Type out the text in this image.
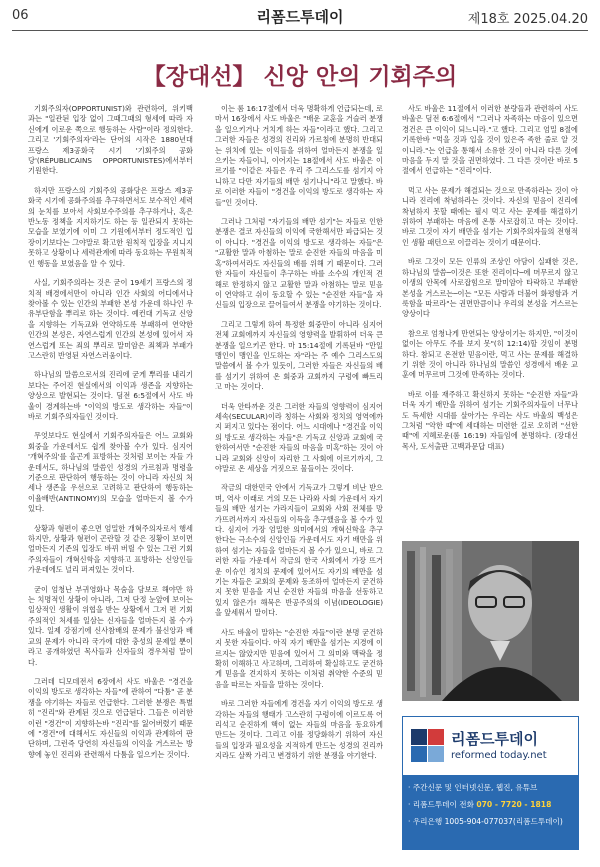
06	리폼드투데이	제18호 2025.04.20
【장대선】 신앙 안의 기회주의

기회주의자(OPPORTUNIST)와 관련하여, 위키백과는 "일관된 입장 없이 그때그때의 형세에 따라 자신에게 이로운 쪽으로 행동하는 사람"이라 정의한다. 그리고 '기회주의자'라는 단어의 시작은 1880년대 프랑스 제3공화국 시기 '기회주의 공화당'(RÉPUBLICAINS OPPORTUNISTES)에서부터 기원한다.

하지만 프랑스의 기회주의 공화당은 프랑스 제3공화국 시기에 공화주의를 추구하면서도 보수적인 세력의 눈치를 보아서 사회보수주의를 추구하거나, 혹은 반노동 정책을 지지하기도 하는 등 일관되지 못하는 모습을 보였기에 이미 그 기원에서부터 정도적인 입장이기보다는 그야말로 확고한 원칙적 입장을 지니지 못하고 상황이나 세력관계에 따라 동요하는 무원칙적인 행동을 보였음을 알 수 있다.

사실, 기회주의라는 것은 굳이 19세기 프랑스의 정치적 배경에서만이 아니라 인간 사회의 어디에서나 찾아볼 수 있는 인간의 부패한 본성 가운데 하나인 우유부단함을 뿌리로 하는 것이다. 예컨대 기독교 신앙을 지향하는 기독교와 연약하도록 부패하여 연약한 인간의 본성은, 자연스럽게 인간의 본성에 있어서 자연스럽게 또는 죄의 뿌리로 말미암은 죄책과 부패가 고스란히 반영된 자연스러움이다.

하나님의 말씀으로서의 진리에 굳게 뿌리를 내리기보다는 주어진 현실에서의 이익과 생존을 지향하는 양상으로 발현되는 것이다. 딤전 6:5절에서 사도 바울이 경계하는바 "이익의 방도로 생각하는 자들"이 바로 기회주의자들인 것이다.

무엇보다도 현실에서 기회주의자들은 어느 교회와 회중을 가운데서도 쉽게 찾아볼 수가 있다. 심지어 '개혁주의'를 을곤게 표방하는 것처럼 보이는 자들 가운데서도, 하나님의 말씀인 성경의 가르침과 명령을 기준으로 판단하여 행동하는 것이 아니라 자신의 처세나 생존을 우선으로 고려하고 판단하여 행동하는 이율배반(ANTINOMY)의 모습을 얼마든지 볼 수가 있다.

상황과 형편이 좋으면 엄밀한 개혁주의자로서 행세하지만, 상황과 형편이 곤란할 것 같은 징황이 보이면 얼마든지 기존의 입장도 바뀌 버릴 수 있는 그런 기회주의자들이 개혁신학을 지향하고 표방하는 신앙인들 가운데에도 널리 퍼져있는 것이다.

굳이 엄청난 부귀영화나 목숨을 담보로 해야만 하는 치명적인 상황이 아니라, 그저 단정 눈앞에 보이는 일상적인 생활이 위협을 받는 상황에서 그저 편 기회주의적인 처세를 일삼는 신자들을 얼마든지 볼 수가 있다. 일제 강점기에 신사참배의 문제가 불신앙과 배교의 문제가 아니라 국가에 대한 충성의 문제일 뿐이라고 공개하였던 목사들과 신자들의 경우처럼 말이다.

그러데 디모데전서 6장에서 사도 바울은 "경건을 이익의 방도로 생각하는 자들"에 관하여 "다툼" 곧 분쟁을 야기하는 자들로 언급한다. 그러한 분쟁은 특별히 "진리"와 관계된 것으로 언급된다. 그들은 이러한 이런 "경건"이 지향하는바 "진리"를 잃어버렸기 때문에 "경건"에 대해서도 자신들의 이익과 관계하여 판단하며, 그런즉 당연히 자신들의 이익을 거스르는 방향에 놓인 진리와 관련해서 다툼을 일으키는 것이다.

이는 롬 16:17절에서 더욱 명확하게 언급되는데, 로마서 16장에서 사도 바울은 "배운 교훈을 거슬러 분쟁을 일으키거나 거치게 하는 자들"이라고 했다. 그리고 그러한 자들은 성경의 진리와 가르침에 분명히 반대되는 위치에 있는 이익들을 위하여 얼마든지 분쟁을 일으키는 자들이니, 이어지는 18절에서 사도 바울은 이르기를 "이같은 자들은 우리 주 그리스도를 섬기지 아니하고 다만 자기들의 배만 섬기나니"라고 말했다. 바로 이러한 자들이 "경건을 이익의 방도로 생각하는 자들"인 것이다.

그러나 그처럼 "자기들의 배만 섬기"는 자들로 인한 분쟁은 결코 자신들의 이익에 국한해서만 파급되는 것이 아니다. "경건을 이익의 방도로 생각하는 자들"은 "교활한 말과 아첨하는 말로 순진한 자들의 마음을 미혹"하여서라도 자신들의 배를 위해 기 때문이다. 그러한 자들이 자신들이 추구하는 바를 소수의 개인적 견해로 한정하지 않고 교활한 말과 아첨하는 말로 믿음이 연약하고 쉬이 동요할 수 있는 "순진한 자들"을 자신들의 입장으로 끌어들여서 분쟁을 야기하는 것이다.

그리고 그렇게 하여 특정한 회중만이 아니라 심지어 전체 교회에까지 자신들의 영향력을 발휘하여 더욱 큰 분쟁을 일으키곤 한다. 마 15:14절에 기록된바 "만일 맹인이 맹인을 인도하는 자"라는 주 예수 그리스도의 말씀에서 볼 수가 있듯이, 그러한 자들은 자신들의 배를 섬기기 위하여 온 회중과 교회까지 구렁에 빠트리고 마는 것이다.

더욱 안타까운 것은 그러한 자들의 영향력이 심지어 세속(SECULAR)이라 칭하는 사회와 정치의 영역에까지 퍼지고 있다는 점이다. 어느 시대에나 "경건을 이익의 방도로 생각하는 자들"은 기독교 신앙과 교회에 국한하여서만 "순진한 자들의 마음을 미혹"하는 것이 아니라 교회와 신앙이 자리한 그 사회에 이르기까지, 그야말로 온 세상을 거짓으로 물들이는 것이다.

작금의 대한민국 안에서 기독교가 그렇게 비난 받으며, 역사 이래로 거의 모든 나라와 사회 가운데서 자기들의 배만 섬기는 가라지들이 교회와 사회 전체를 망가뜨려서까지 자신들의 이득을 추구했음을 볼 수가 있다. 심지어 가장 엄밀한 의미에서의 개혁신학을 추구한다는 극소수의 신앙인들 가운데서도 자기 배만을 위하여 섬기는 자들을 얼마든지 볼 수가 있으니, 바로 그러한 자들 가운데서 작금의 한국 사회에서 가장 뜨거운 이슈인 정치의 문제에 있어서도 자기의 배만을 섬기는 자들은 교회의 문제와 동조하여 얼마든지 굳건하지 못한 믿음을 지닌 순진한 자들의 마음을 선동하고 있지 않은가! 해묵은 반공주의의 이념(IDEOLOGIE)을 앞세워서 말이다.

사도 바울이 말하는 "순진한 자들"이란 분명 굳건하지 못한 자들이다. 아직 자기 배만을 섬기는 지경에 이르지는 않았지만 믿음에 있어서 그 의미와 맥락을 정확히 이해하고 사고하며, 그리하여 확실하고도 굳건하게 믿음을 견지하지 못하는 이처럼 취약한 수준의 믿음을 따르는 자들을 말하는 것이다.

바로 그러한 자들에게 경건을 자기 이익의 방도로 생각하는 자들의 행태가 고스란히 구렁이에 이르도록 어리석고 순진하게 핵이 없는 자들의 마음을 동요하게 만드는 것이다. 그리고 이를 정당화하기 위하여 자신들의 입장과 필요성을 지적하게 만드는 성경의 진리까지라도 살짝 가리고 변경하기 위한 분쟁을 야기한다.

사도 바울은 11절에서 이러한 분량들과 관련하여 사도 바울은 딤전 6:6절에서 "그러나 자족하는 마음이 있으면 경건은 큰 이익이 되느니라."고 했다. 그리고 엄밀 8절에 기록한바 "먹을 것과 입을 것이 있은즉 족한 줄로 알 것이니라."는 언급을 통해서 소유한 것이 아니라 다른 것에 마음을 두지 말 것을 권면하였다. 그 다른 것이란 바로 5절에서 언급하는 "진리"이다.

먹고 사는 문제가 해결되는 것으로 만족하라는 것이 아니라 진리에 착념하라는 것이다. 자신의 믿음이 진리에 착념하지 못할 때에는 필시 먹고 사는 문제를 해결하기 위하여 부패하는 마음에 온통 사로잡히고 마는 것이다. 바로 그것이 자기 배만을 섬기는 기회주의자들의 전형적인 생활 패턴으로 이끌리는 것이기 때문이다.

바로 그것이 모든 인류의 조상인 아담이 실패한 것은, 하나님의 말씀─이것은 또한 진리이다─에 머무르지 않고 이생의 안목에 사로잡힘으로 말미암아 타락하고 부패한 본성을 거스르는─이는 "모든 사람과 더불어 화평함과 거룩함을 따르라"는 권면만큼이나 우리의 본성을 거스르는 양상이다

참으로 엄청나게 만연되는 양상이기는 하지만, "이것이 없이는 아무도 주를 보지 못"(히 12:14)할 것임이 분명하다. 참되고 온전한 믿음이란, 먹고 사는 문제를 해결하기 위한 것이 아니라 하나님의 말씀인 성경에서 배운 교훈에 머무르며 그것에 만족하는 것이다.

바로 이를 재주하고 확신하지 못하는 "순진한 자들"과 더욱 자기 배만을 위하여 섬기는 기회주의자들이 너무나도 득세한 시대를 살아가는 우리는 사도 바울의 백성은 그처럼 "악한 때"에 세대하는 미련한 길로 오히려 "선한 때"에 지혜로운(롬 16:19) 자들임에 분명하다. (장대선 목사, 도서출판 고백과문답 대표)

리폼드투데이
reformed today.net
· 주간신문 및 인터넷신문, 웹진, 유튜브
· 리폼드투데이 전화 070 - 7720 - 1818
· 우리은행 1005-904-077037(리폼드투데이)
